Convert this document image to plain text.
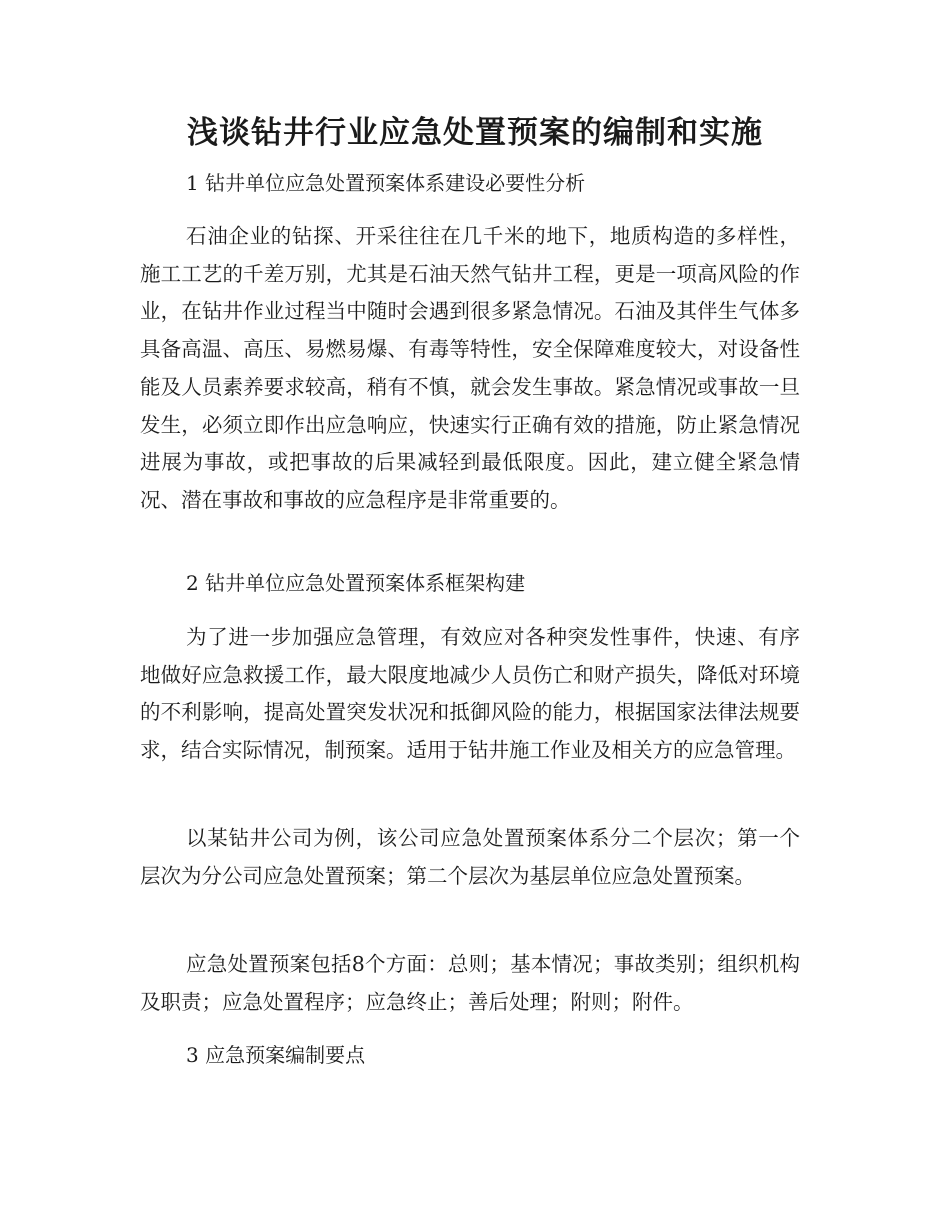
浅谈钻井行业应急处置预案的编制和实施
1 钻井单位应急处置预案体系建设必要性分析

石油企业的钻探、开采往往在几千米的地下，地质构造的多样性，施工工艺的千差万别，尤其是石油天然气钻井工程，更是一项高风险的作业，在钻井作业过程当中随时会遇到很多紧急情况。石油及其伴生气体多具备高温、高压、易燃易爆、有毒等特性，安全保障难度较大，对设备性能及人员素养要求较高，稍有不慎，就会发生事故。紧急情况或事故一旦发生，必须立即作出应急响应，快速实行正确有效的措施，防止紧急情况进展为事故，或把事故的后果减轻到最低限度。因此，建立健全紧急情况、潜在事故和事故的应急程序是非常重要的。

2 钻井单位应急处置预案体系框架构建

为了进一步加强应急管理，有效应对各种突发性事件，快速、有序地做好应急救援工作，最大限度地减少人员伤亡和财产损失，降低对环境的不利影响，提高处置突发状况和抵御风险的能力，根据国家法律法规要求，结合实际情况，制预案。适用于钻井施工作业及相关方的应急管理。

以某钻井公司为例，该公司应急处置预案体系分二个层次；第一个层次为分公司应急处置预案；第二个层次为基层单位应急处置预案。

应急处置预案包括8个方面：总则；基本情况；事故类别；组织机构及职责；应急处置程序；应急终止；善后处理；附则；附件。

3 应急预案编制要点
